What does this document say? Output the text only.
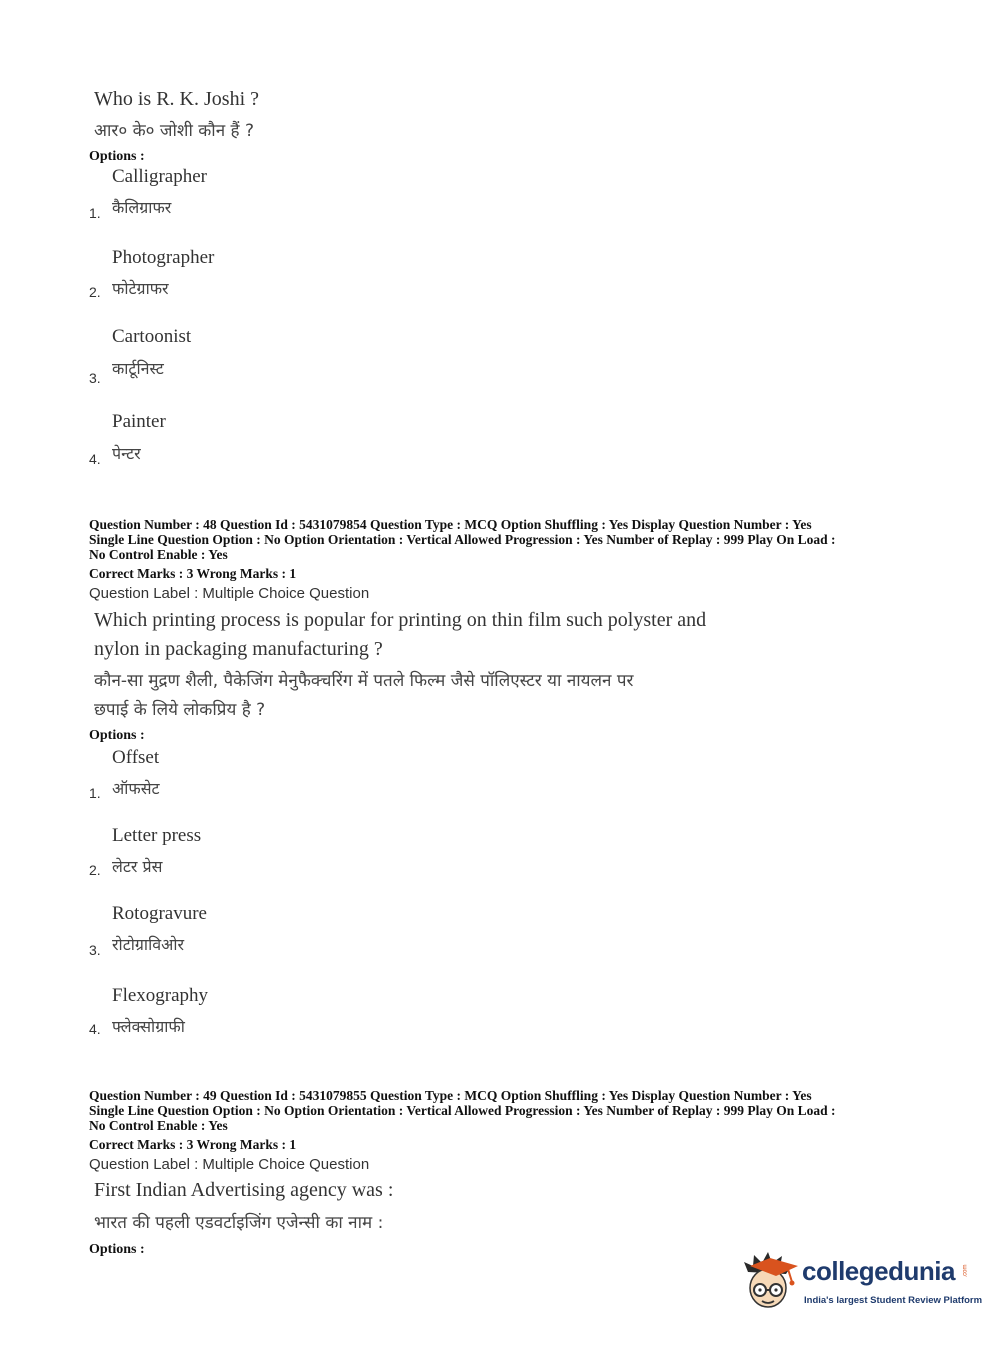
Who is R. K. Joshi ?
आर० के० जोशी कौन हैं ?
Options :
Calligrapher
1. कैलिग्राफर
Photographer
2. फोटेग्राफर
Cartoonist
3. कार्टूनिस्ट
Painter
4. पेन्टर
Question Number : 48 Question Id : 5431079854 Question Type : MCQ Option Shuffling : Yes Display Question Number : Yes
Single Line Question Option : No Option Orientation : Vertical Allowed Progression : Yes Number of Replay : 999 Play On Load :
No Control Enable : Yes
Correct Marks : 3 Wrong Marks : 1
Question Label : Multiple Choice Question
Which printing process is popular for printing on thin film such polyster and
nylon in packaging manufacturing ?
कौन-सा मुद्रण शैली, पैकेजिंग मेनुफैक्चरिंग में पतले फिल्म जैसे पॉलिएस्टर या नायलन पर
छपाई के लिये लोकप्रिय है ?
Options :
Offset
1. ऑफसेट
Letter press
2. लेटर प्रेस
Rotogravure
3. रोटोग्राविओर
Flexography
4. फ्लेक्सोग्राफी
Question Number : 49 Question Id : 5431079855 Question Type : MCQ Option Shuffling : Yes Display Question Number : Yes
Single Line Question Option : No Option Orientation : Vertical Allowed Progression : Yes Number of Replay : 999 Play On Load :
No Control Enable : Yes
Correct Marks : 3 Wrong Marks : 1
Question Label : Multiple Choice Question
First Indian Advertising agency was :
भारत की पहली एडवर्टाइजिंग एजेन्सी का नाम :
Options :
collegedunia .com
India's largest Student Review Platform
